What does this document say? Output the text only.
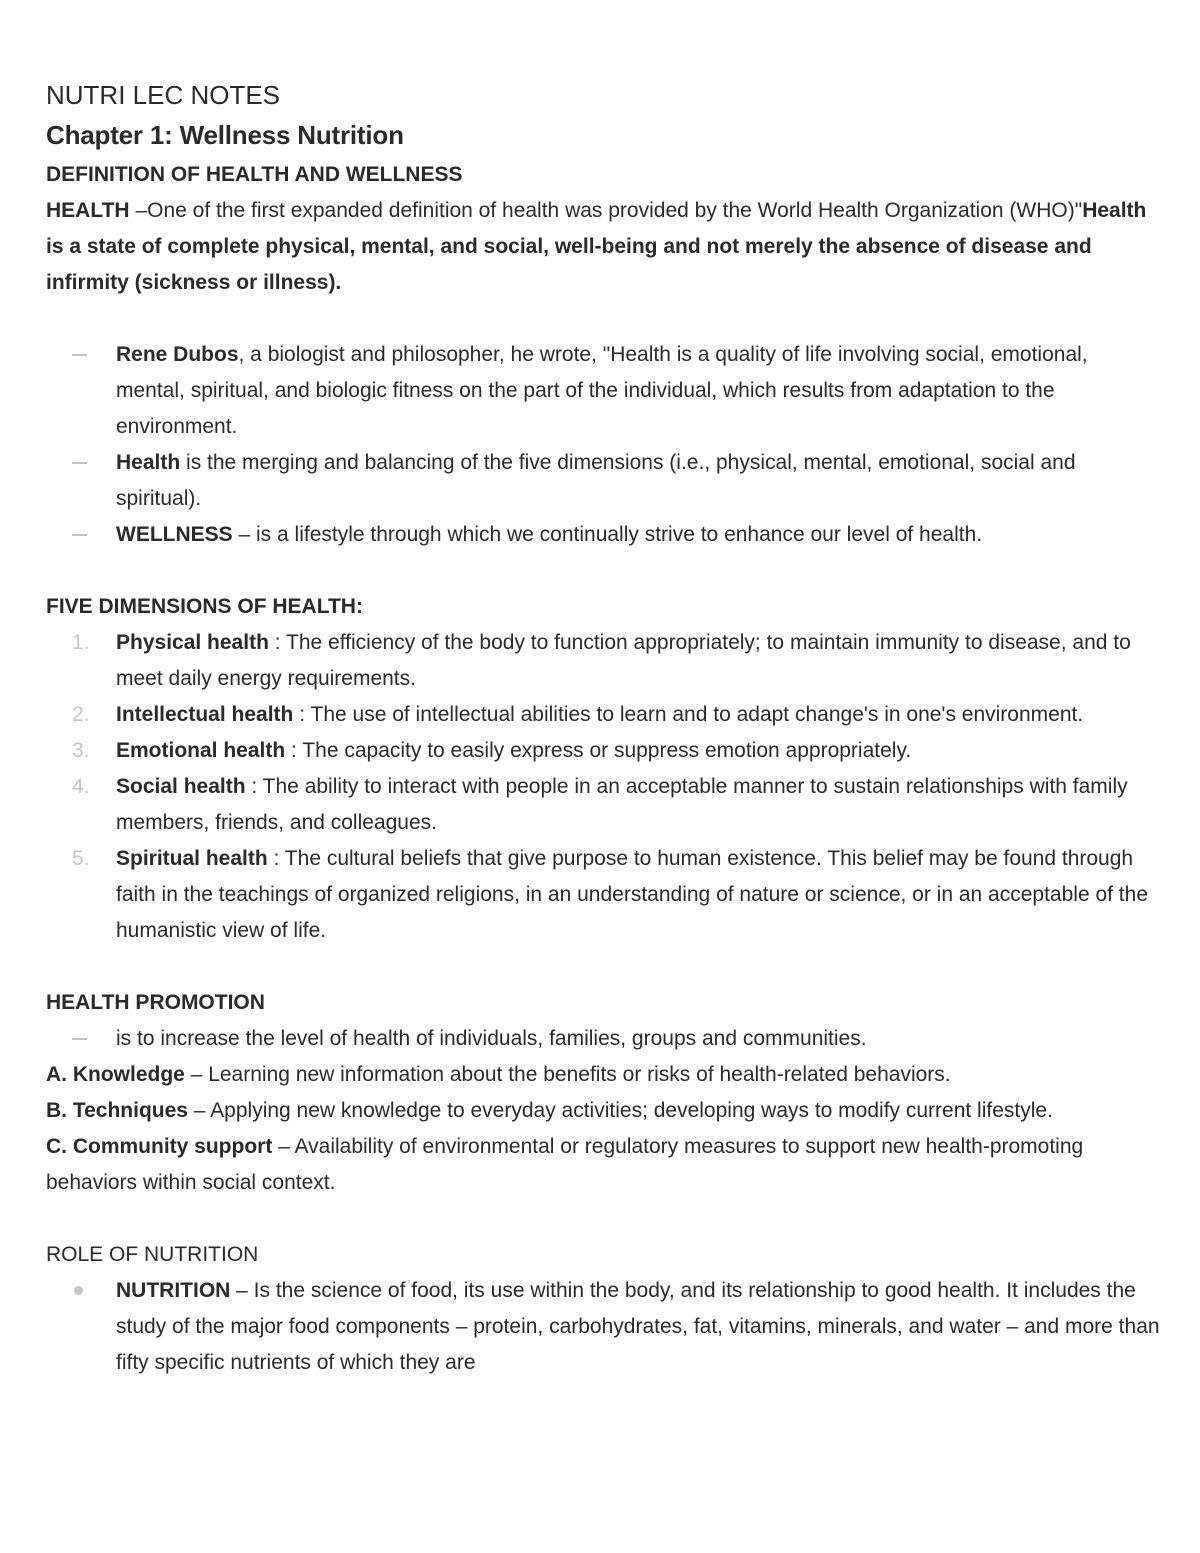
NUTRI LEC NOTES
Chapter 1: Wellness Nutrition
DEFINITION OF HEALTH AND WELLNESS

HEALTH –One of the first expanded definition of health was provided by the World Health Organization (WHO)"Health is a state of complete physical, mental, and social, well-being and not merely the absence of disease and infirmity (sickness or illness).

Rene Dubos, a biologist and philosopher, he wrote, "Health is a quality of life involving social, emotional, mental, spiritual, and biologic fitness on the part of the individual, which results from adaptation to the environment.
Health is the merging and balancing of the five dimensions (i.e., physical, mental, emotional, social and spiritual).
WELLNESS – is a lifestyle through which we continually strive to enhance our level of health.
FIVE DIMENSIONS OF HEALTH:
1.	Physical health : The efficiency of the body to function appropriately; to maintain immunity to disease, and to meet daily energy requirements.
2.	Intellectual health : The use of intellectual abilities to learn and to adapt change's in one's environment.
3.	Emotional health : The capacity to easily express or suppress emotion appropriately.
4.	Social health : The ability to interact with people in an acceptable manner to sustain relationships with family members, friends, and colleagues.
5.	Spiritual health : The cultural beliefs that give purpose to human existence. This belief may be found through faith in the teachings of organized religions, in an understanding of nature or science, or in an acceptable of the humanistic view of life.
HEALTH PROMOTION
is to increase the level of health of individuals, families, groups and communities.

A. Knowledge – Learning new information about the benefits or risks of health-related behaviors.

B. Techniques – Applying new knowledge to everyday activities; developing ways to modify current lifestyle.

C. Community support – Availability of environmental or regulatory measures to support new health-promoting behaviors within social context.

ROLE OF NUTRITION
NUTRITION – Is the science of food, its use within the body, and its relationship to good health. It includes the study of the major food components – protein, carbohydrates, fat, vitamins, minerals, and water – and more than fifty specific nutrients of which they are
